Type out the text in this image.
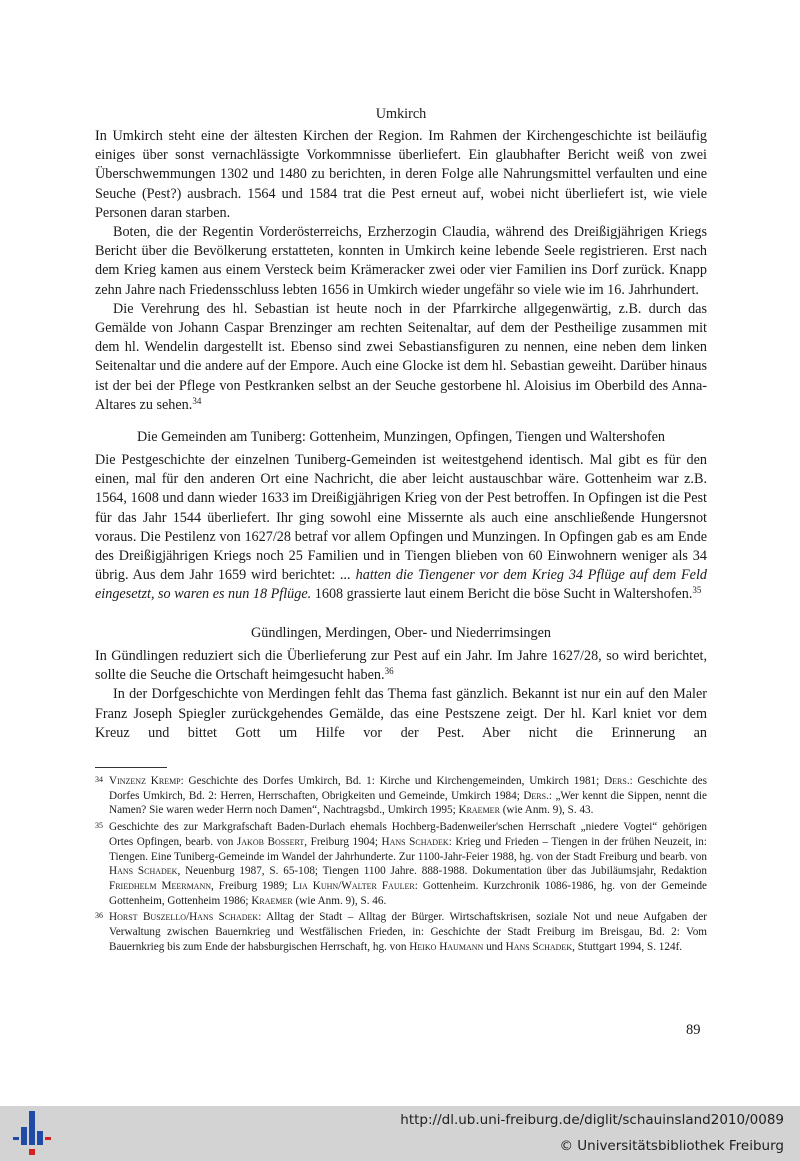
Umkirch

In Umkirch steht eine der ältesten Kirchen der Region. Im Rahmen der Kirchengeschichte ist beiläufig einiges über sonst vernachlässigte Vorkommnisse überliefert. Ein glaubhafter Bericht weiß von zwei Überschwemmungen 1302 und 1480 zu berichten, in deren Folge alle Nahrungsmittel verfaulten und eine Seuche (Pest?) ausbrach. 1564 und 1584 trat die Pest erneut auf, wobei nicht überliefert ist, wie viele Personen daran starben.

Boten, die der Regentin Vorderösterreichs, Erzherzogin Claudia, während des Dreißigjährigen Kriegs Bericht über die Bevölkerung erstatteten, konnten in Umkirch keine lebende Seele registrieren. Erst nach dem Krieg kamen aus einem Versteck beim Krämeracker zwei oder vier Familien ins Dorf zurück. Knapp zehn Jahre nach Friedensschluss lebten 1656 in Umkirch wieder ungefähr so viele wie im 16. Jahrhundert.

Die Verehrung des hl. Sebastian ist heute noch in der Pfarrkirche allgegenwärtig, z.B. durch das Gemälde von Johann Caspar Brenzinger am rechten Seitenaltar, auf dem der Pestheilige zusammen mit dem hl. Wendelin dargestellt ist. Ebenso sind zwei Sebastiansfiguren zu nennen, eine neben dem linken Seitenaltar und die andere auf der Empore. Auch eine Glocke ist dem hl. Sebastian geweiht. Darüber hinaus ist der bei der Pflege von Pestkranken selbst an der Seuche gestorbene hl. Aloisius im Oberbild des Anna-Altares zu sehen.$^{34}$

Die Gemeinden am Tuniberg: Gottenheim, Munzingen, Opfingen, Tiengen und Waltershofen

Die Pestgeschichte der einzelnen Tuniberg-Gemeinden ist weitestgehend identisch. Mal gibt es für den einen, mal für den anderen Ort eine Nachricht, die aber leicht austauschbar wäre. Gottenheim war z.B. 1564, 1608 und dann wieder 1633 im Dreißigjährigen Krieg von der Pest betroffen. In Opfingen ist die Pest für das Jahr 1544 überliefert. Ihr ging sowohl eine Missernte als auch eine anschließende Hungersnot voraus. Die Pestilenz von 1627/28 betraf vor allem Opfingen und Munzingen. In Opfingen gab es am Ende des Dreißigjährigen Kriegs noch 25 Familien und in Tiengen blieben von 60 Einwohnern weniger als 34 übrig. Aus dem Jahr 1659 wird berichtet: ... hatten die Tiengener vor dem Krieg 34 Pflüge auf dem Feld eingesetzt, so waren es nun 18 Pflüge. 1608 grassierte laut einem Bericht die böse Sucht in Waltershofen.$^{35}$

Gündlingen, Merdingen, Ober- und Niederrimsingen

In Gündlingen reduziert sich die Überlieferung zur Pest auf ein Jahr. Im Jahre 1627/28, so wird berichtet, sollte die Seuche die Ortschaft heimgesucht haben.$^{36}$

In der Dorfgeschichte von Merdingen fehlt das Thema fast gänzlich. Bekannt ist nur ein auf den Maler Franz Joseph Spiegler zurückgehendes Gemälde, das eine Pestszene zeigt. Der hl. Karl kniet vor dem Kreuz und bittet Gott um Hilfe vor der Pest. Aber nicht die Erinnerung an

34 Vinzenz Kremp: Geschichte des Dorfes Umkirch, Bd. 1: Kirche und Kirchengemeinden, Umkirch 1981; Ders.: Geschichte des Dorfes Umkirch, Bd. 2: Herren, Herrschaften, Obrigkeiten und Gemeinde, Umkirch 1984; Ders.: „Wer kennt die Sippen, nennt die Namen? Sie waren weder Herrn noch Damen“, Nachtragsbd., Umkirch 1995; Kraemer (wie Anm. 9), S. 43.
35 Geschichte des zur Markgrafschaft Baden-Durlach ehemals Hochberg-Badenweiler'schen Herrschaft „niedere Vogtei“ gehörigen Ortes Opfingen, bearb. von Jakob Bossert, Freiburg 1904; Hans Schadek: Krieg und Frieden – Tiengen in der frühen Neuzeit, in: Tiengen. Eine Tuniberg-Gemeinde im Wandel der Jahrhunderte. Zur 1100-Jahr-Feier 1988, hg. von der Stadt Freiburg und bearb. von Hans Schadek, Neuenburg 1987, S. 65-108; Tiengen 1100 Jahre. 888-1988. Dokumentation über das Jubiläumsjahr, Redaktion Friedhelm Meermann, Freiburg 1989; Lia Kuhn/Walter Fauler: Gottenheim. Kurzchronik 1086-1986, hg. von der Gemeinde Gottenheim, Gottenheim 1986; Kraemer (wie Anm. 9), S. 46.
36 Horst Buszello/Hans Schadek: Alltag der Stadt – Alltag der Bürger. Wirtschaftskrisen, soziale Not und neue Aufgaben der Verwaltung zwischen Bauernkrieg und Westfälischen Frieden, in: Geschichte der Stadt Freiburg im Breisgau, Bd. 2: Vom Bauernkrieg bis zum Ende der habsburgischen Herrschaft, hg. von Heiko Haumann und Hans Schadek, Stuttgart 1994, S. 124f.
89
http://dl.ub.uni-freiburg.de/diglit/schauinsland2010/0089
© Universitätsbibliothek Freiburg
